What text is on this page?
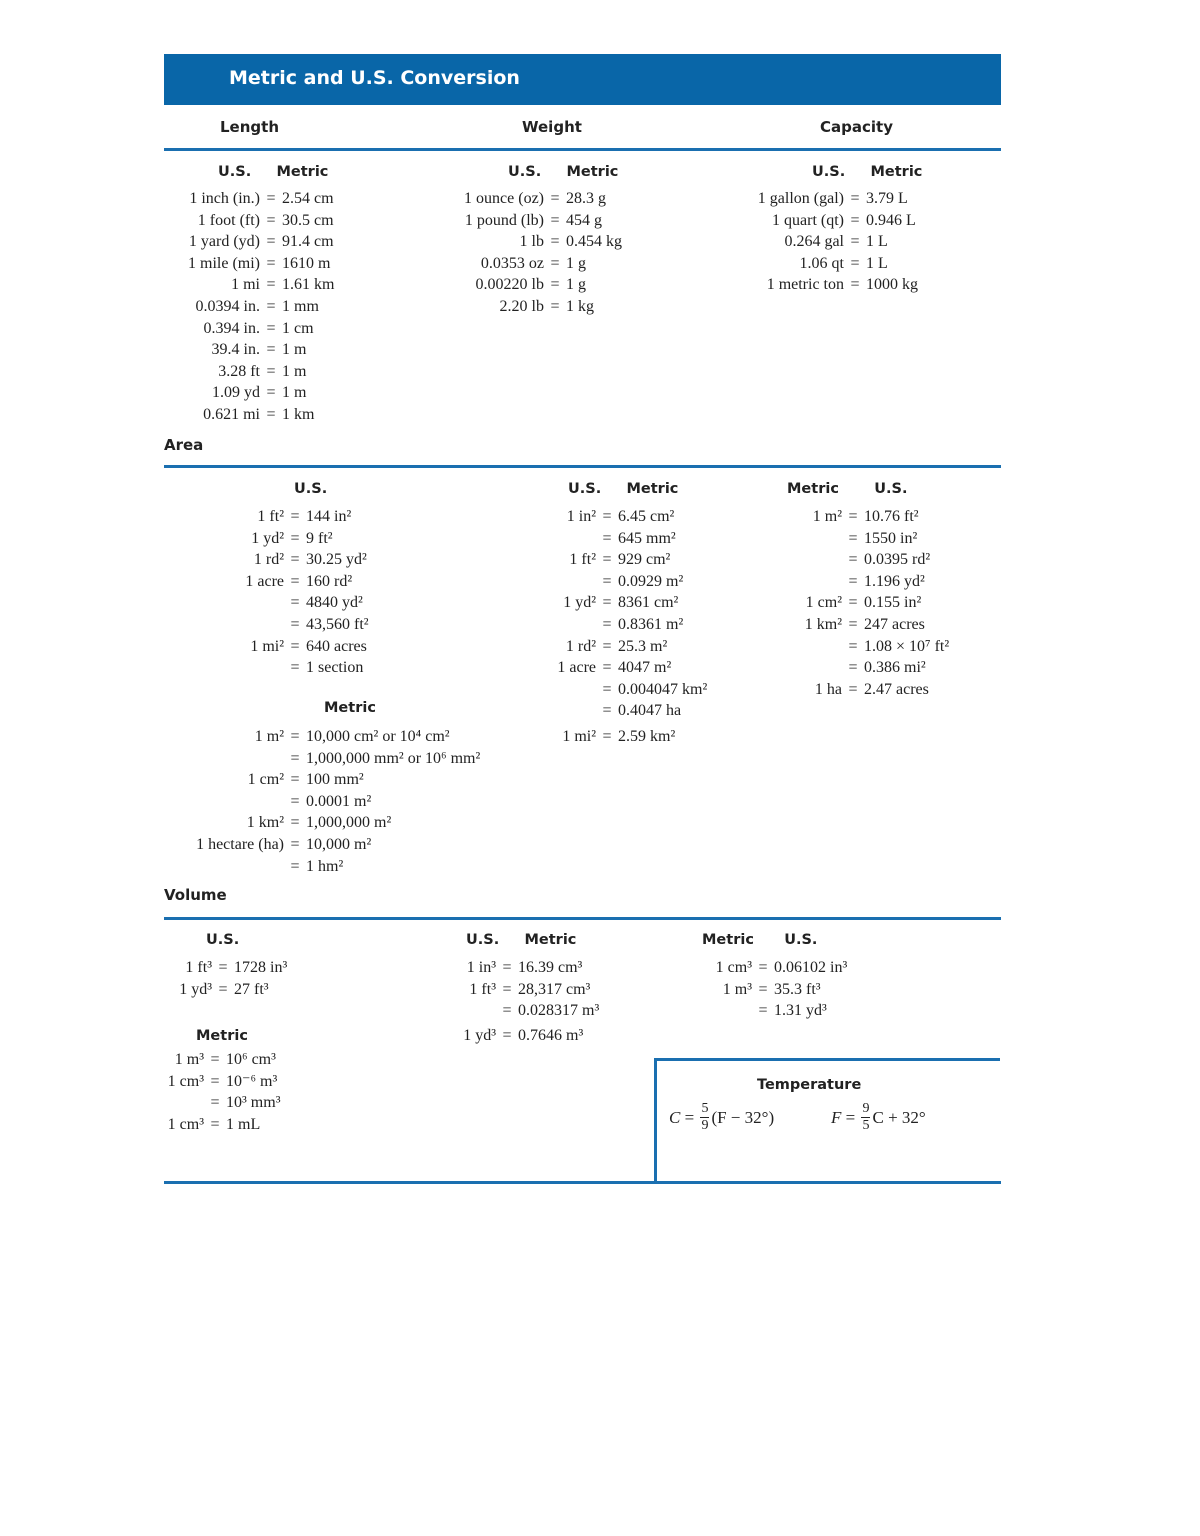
Metric and U.S. Conversion
Length	Weight	Capacity
U.S.     Metric
1 inch (in.) = 2.54 cm
1 foot (ft) = 30.5 cm
1 yard (yd) = 91.4 cm
1 mile (mi) = 1610 m
1 mi = 1.61 km
0.0394 in. = 1 mm
0.394 in. = 1 cm
39.4 in. = 1 m
3.28 ft = 1 m
1.09 yd = 1 m
0.621 mi = 1 km
U.S.     Metric
1 ounce (oz) = 28.3 g
1 pound (lb) = 454 g
1 lb = 0.454 kg
0.0353 oz = 1 g
0.00220 lb = 1 g
2.20 lb = 1 kg
U.S.     Metric
1 gallon (gal) = 3.79 L
1 quart (qt) = 0.946 L
0.264 gal = 1 L
1.06 qt = 1 L
1 metric ton = 1000 kg
Area
U.S.
1 ft² = 144 in²
1 yd² = 9 ft²
1 rd² = 30.25 yd²
1 acre = 160 rd²
= 4840 yd²
= 43,560 ft²
1 mi² = 640 acres
= 1 section
Metric
1 m² = 10,000 cm² or 10⁴ cm²
= 1,000,000 mm² or 10⁶ mm²
1 cm² = 100 mm²
= 0.0001 m²
1 km² = 1,000,000 m²
1 hectare (ha) = 10,000 m²
= 1 hm²
U.S.     Metric
1 in² = 6.45 cm²
= 645 mm²
1 ft² = 929 cm²
= 0.0929 m²
1 yd² = 8361 cm²
= 0.8361 m²
1 rd² = 25.3 m²
1 acre = 4047 m²
= 0.004047 km²
= 0.4047 ha
1 mi² = 2.59 km²
Metric       U.S.
1 m² = 10.76 ft²
= 1550 in²
= 0.0395 rd²
= 1.196 yd²
1 cm² = 0.155 in²
1 km² = 247 acres
= 1.08 × 10⁷ ft²
= 0.386 mi²
1 ha = 2.47 acres
Volume
U.S.
1 ft³ = 1728 in³
1 yd³ = 27 ft³
Metric
1 m³ = 10⁶ cm³
1 cm³ = 10⁻⁶ m³
= 10³ mm³
1 cm³ = 1 mL
U.S.     Metric
1 in³ = 16.39 cm³
1 ft³ = 28,317 cm³
= 0.028317 m³
1 yd³ = 0.7646 m³
Metric      U.S.
1 cm³ = 0.06102 in³
1 m³ = 35.3 ft³
= 1.31 yd³
Temperature
$C = \frac{5}{9} (F - 32^\circ)$	$F = \frac{9}{5}$ C + 32°
